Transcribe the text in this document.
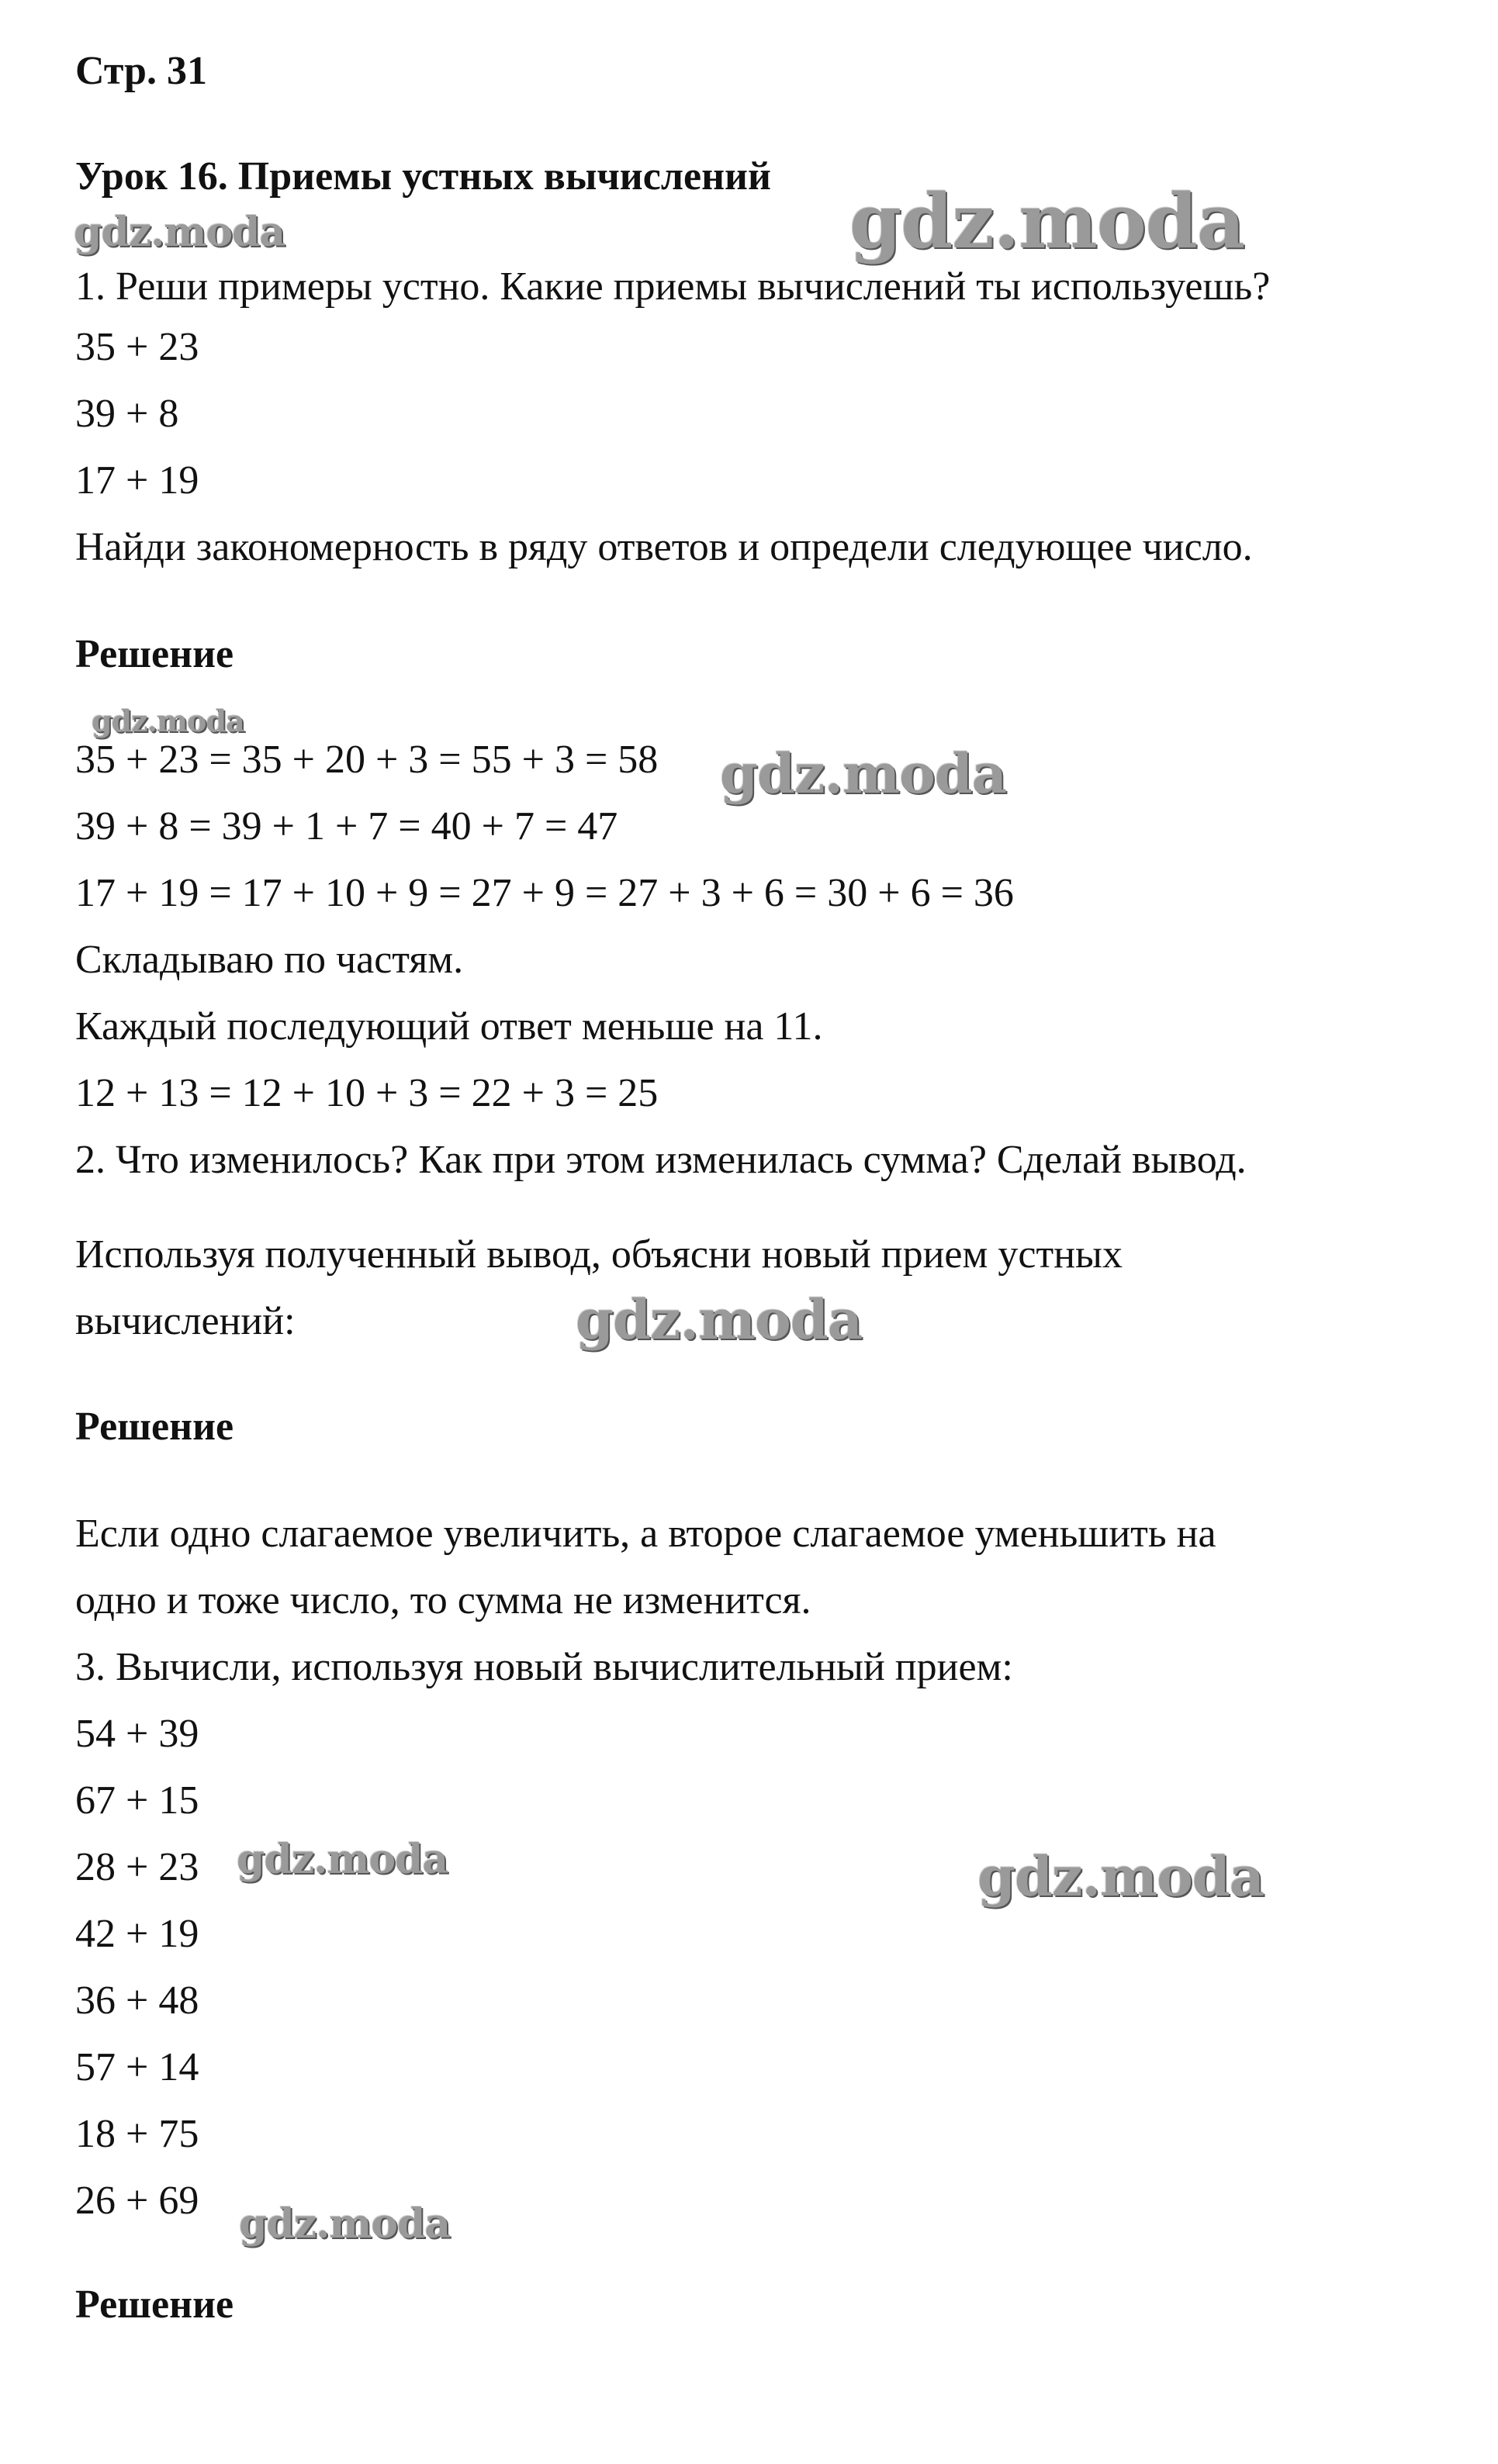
Стр. 31
Урок 16. Приемы устных вычислений
1. Реши примеры устно. Какие приемы вычислений ты используешь?
35 + 23
39 + 8
17 + 19
Найди закономерность в ряду ответов и определи следующее число.
Решение
35 + 23 = 35 + 20 + 3 = 55 + 3 = 58
39 + 8 = 39 + 1 + 7 = 40 + 7 = 47
17 + 19 = 17 + 10 + 9 = 27 + 9 = 27 + 3 + 6 = 30 + 6 = 36
Складываю по частям.
Каждый последующий ответ меньше на 11.
12 + 13 = 12 + 10 + 3 = 22 + 3 = 25
2. Что изменилось? Как при этом изменилась сумма? Сделай вывод.
Используя полученный вывод, объясни новый прием устных
вычислений:
Решение
Если одно слагаемое увеличить, а второе слагаемое уменьшить на
одно и тоже число, то сумма не изменится.
3. Вычисли, используя новый вычислительный прием:
54 + 39
67 + 15
28 + 23
42 + 19
36 + 48
57 + 14
18 + 75
26 + 69
Решение
gdz.moda	gdz.moda
gdz.moda
gdz.moda
gdz.moda
gdz.moda	gdz.moda
gdz.moda
